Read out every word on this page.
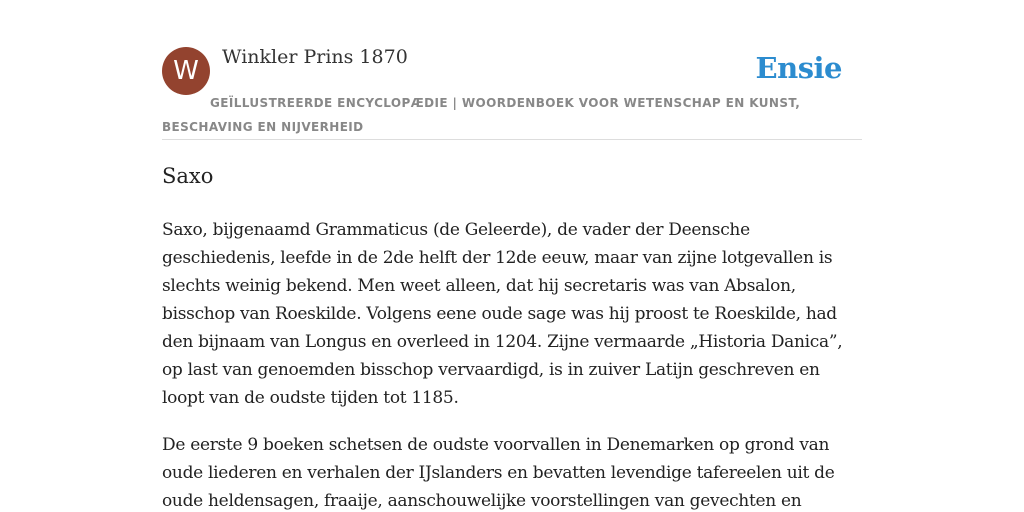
W	Winkler Prins 1870	Ensie
GEÏLLUSTREERDE ENCYCLOPÆDIE | WOORDENBOEK VOOR WETENSCHAP EN KUNST, BESCHAVING EN NIJVERHEID
Saxo

Saxo, bijgenaamd Grammaticus (de Geleerde), de vader der Deensche geschiedenis, leefde in de 2de helft der 12de eeuw, maar van zijne lotgevallen is slechts weinig bekend. Men weet alleen, dat hij secretaris was van Absalon, bisschop van Roeskilde. Volgens eene oude sage was hij proost te Roeskilde, had den bijnaam van Longus en overleed in 1204. Zijne vermaarde „Historia Danica”, op last van genoemden bisschop vervaardigd, is in zuiver Latijn geschreven en loopt van de oudste tijden tot 1185.

De eerste 9 boeken schetsen de oudste voorvallen in Denemarken op grond van oude liederen en verhalen der IJslanders en bevatten levendige tafereelen uit de oude heldensagen, fraaije, aanschouwelijke voorstellingen van gevechten en
